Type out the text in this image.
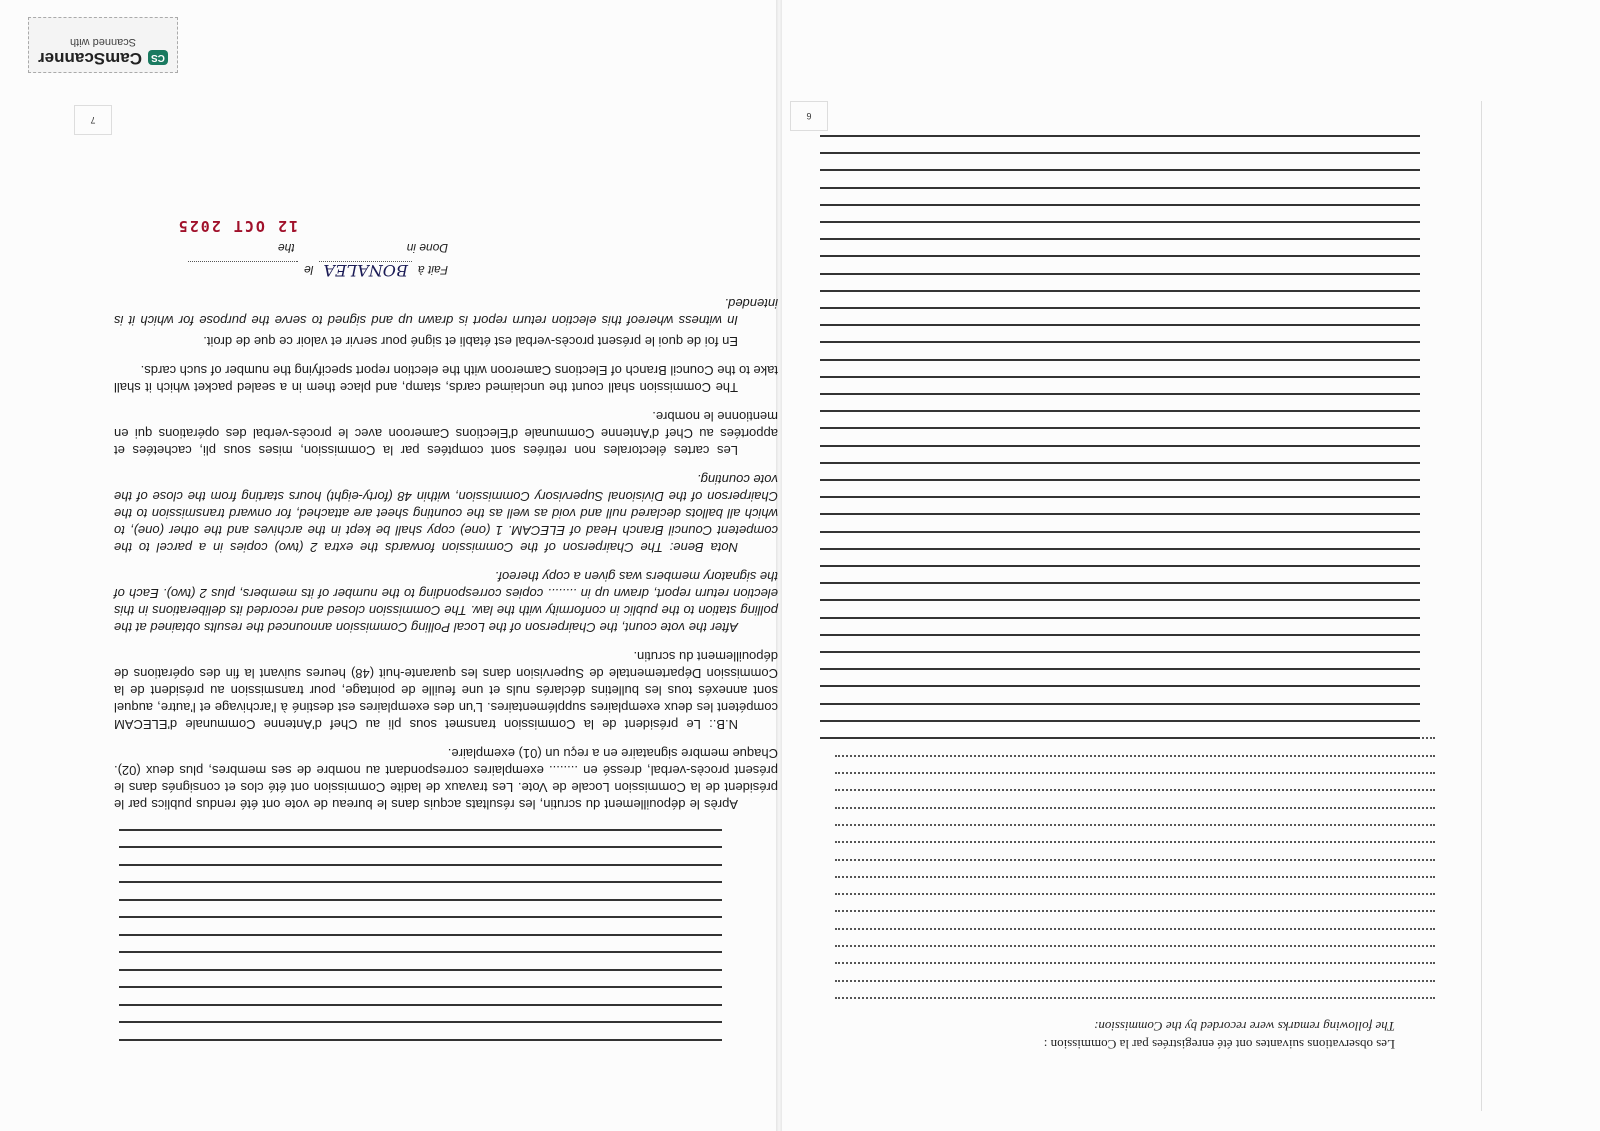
Les observations suivantes ont été enregistrées par la Commission :
The following remarks were recorded by the Commission:
6

Après le dépouillement du scrutin, les résultats acquis dans le bureau de vote ont été rendus publics par le président de la Commission Locale de Vote. Les travaux de ladite Commission ont été clos et consignés dans le présent procès-verbal, dressé en ........ exemplaires correspondant au nombre de ses membres, plus deux (02). Chaque membre signataire en a reçu un (01) exemplaire.

N.B.: Le président de la Commission transmet sous pli au Chef d'Antenne Communale d'ELECAM compétent les deux exemplaires supplémentaires. L'un des exemplaires est destiné à l'archivage et l'autre, auquel sont annexés tous les bulletins déclarés nuls et une feuille de pointage, pour transmission au président de la Commission Départementale de Supervision dans les quarante-huit (48) heures suivant la fin des opérations de dépouillement du scrutin.

After the vote count, the Chairperson of the Local Polling Commission announced the results obtained at the polling station to the public in conformity with the law. The Commission closed and recorded its deliberations in this election return report, drawn up in ........ copies corresponding to the number of its members, plus 2 (two). Each of the signatory members was given a copy thereof.

Nota Bene: The Chairperson of the Commission forwards the extra 2 (two) copies in a parcel to the competent Council Branch Head of ELECAM. 1 (one) copy shall be kept in the archives and the other (one), to which all ballots declared null and void as well as the counting sheet are attached, for onward transmission to the Chairperson of the Divisional Supervisory Commission, within 48 (forty-eight) hours starting from the close of the vote counting.

Les cartes électorales non retirées sont comptées par la Commission, mises sous pli, cachetées et apportées au Chef d'Antenne Communale d'Elections Cameroon avec le procès-verbal des opérations qui en mentionne le nombre.

The Commission shall count the unclaimed cards, stamp, and place them in a sealed packet which it shall take to the Council Branch of Elections Cameroon with the election report specifying the number of such cards.

En foi de quoi le présent procès-verbal est établi et signé pour servir et valoir ce que de droit.

In witness whereof this election return report is drawn up and signed to serve the purpose for which it is intended.

Fait à
BONALEA
le
Done in
the
12 OCT 2025
7
CS
CamScanner
Scanned with
